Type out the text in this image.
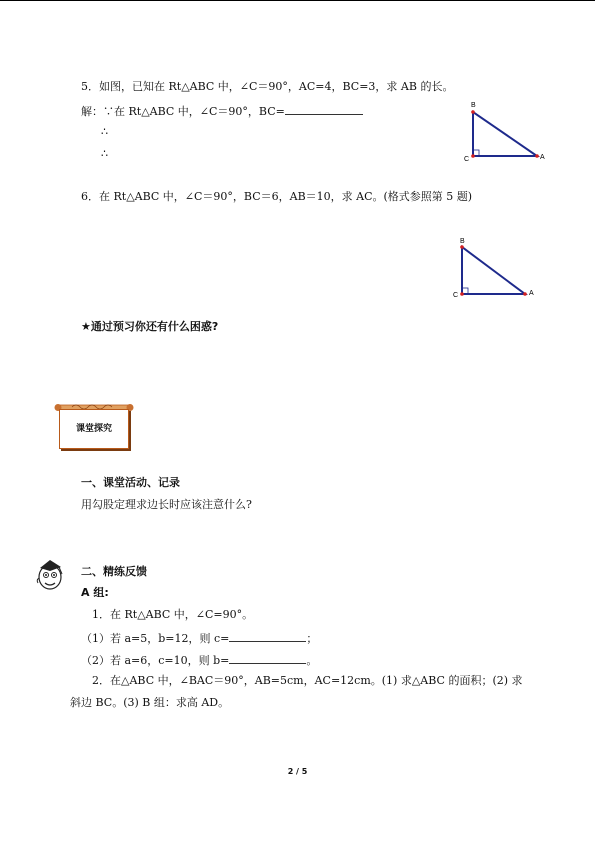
5．如图，已知在 Rt△ABC 中，∠C＝90°，AC=4，BC=3，求 AB 的长。
解：∵在 Rt△ABC 中，∠C＝90°，BC=
∴
∴
B
C	A
6．在 Rt△ABC 中，∠C＝90°，BC＝6，AB＝10，求 AC。(格式参照第 5 题)
B
C	A
★通过预习你还有什么困惑?
课堂探究
一、课堂活动、记录
用勾股定理求边长时应该注意什么?
二、精练反馈
A 组:
1．在 Rt△ABC 中，∠C=90°。
（1）若 a=5，b=12，则 c=	；
（2）若 a=6，c=10，则 b=	。
2．在△ABC 中，∠BAC＝90°，AB=5cm，AC=12cm。(1) 求△ABC 的面积；(2) 求
斜边 BC。(3) B 组：求高 AD。
2 / 5
